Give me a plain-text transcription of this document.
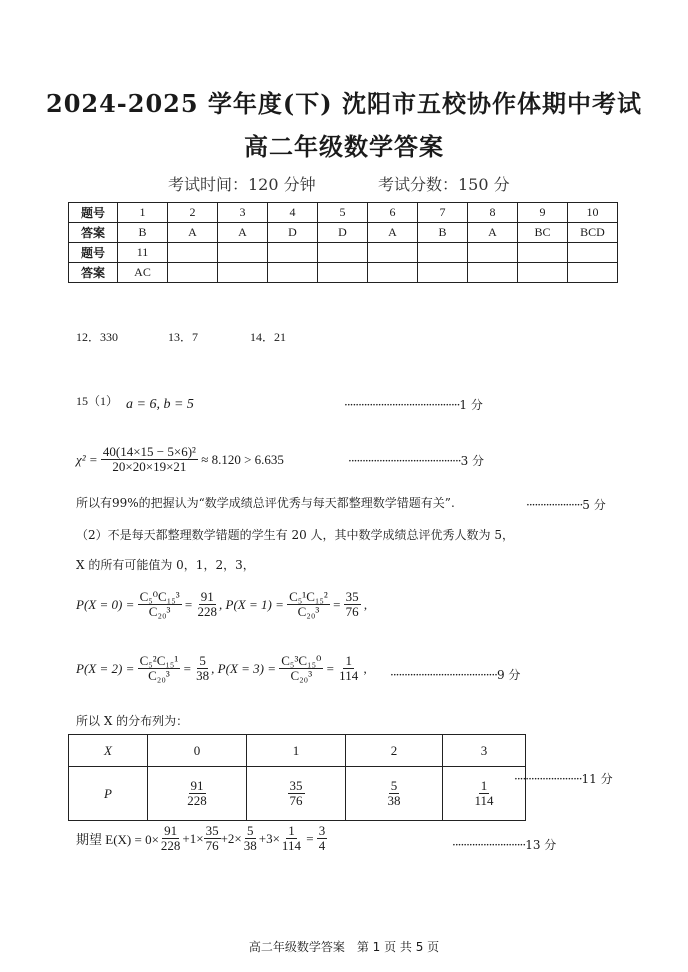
2024-2025 学年度(下) 沈阳市五校协作体期中考试
高二年级数学答案
考试时间：120 分钟	考试分数：150 分
题号	1	2	3	4	5	6	7	8	9	10
答案	B	A	A	D	D	A	B	A	BC	BCD
题号	11									
答案	AC									
12．330	13．7	14．21
15（1） a = 6, b = 5	·········································1 分
χ² =
$\frac{\text{40(14×15 − 5×6)²}}{20\times 20\times 19\times 21}$
≈ 8.120 > 6.635	········································3 分
所以有99%的把握认为“数学成绩总评优秀与每天都整理数学错题有关”.	····················5 分
（2）不是每天都整理数学错题的学生有 20 人，其中数学成绩总评优秀人数为 5，
X 的所有可能值为 0，1，2，3，
P(X = 0) =
$\frac{\text{C₅⁰C₁₅³}}{\text{C₂₀³}} = \frac{91}{228}$ , P(X = 1) =
$\frac{\text{C₅¹C₁₅²}}{\text{C₂₀³}} = \frac{35}{76}$ ,
P(X = 2) =
$\frac{\text{C₅²C₁₅¹}}{\text{C₂₀³}} = \frac{5}{38}$ , P(X = 3) =
$\frac{\text{C₅³C₁₅⁰}}{\text{C₂₀³}} = \frac{1}{114}$ , ······································9 分
所以 X 的分布列为：
X	0	1	2	3
P	$\frac{91}{228}$	$\frac{35}{76}$	$\frac{5}{38}$	$\frac{1}{114} \cdot\cdot\cdot\cdot\cdot\cdot\cdot\cdot\cdot\cdot\cdot\cdot\cdot\cdot\cdot\cdot\cdot\cdot\cdot\cdot\cdot\cdot\cdot\cdot 11$ 分
期望 $E(X) = 0\times \frac{91}{228} +1\times \frac{35}{76} +2\times \frac{5}{38} +3\times \frac{1}{114}$
=
$\frac{3}{4}$	··························13 分
高二年级数学答案　第 1 页 共 5 页
